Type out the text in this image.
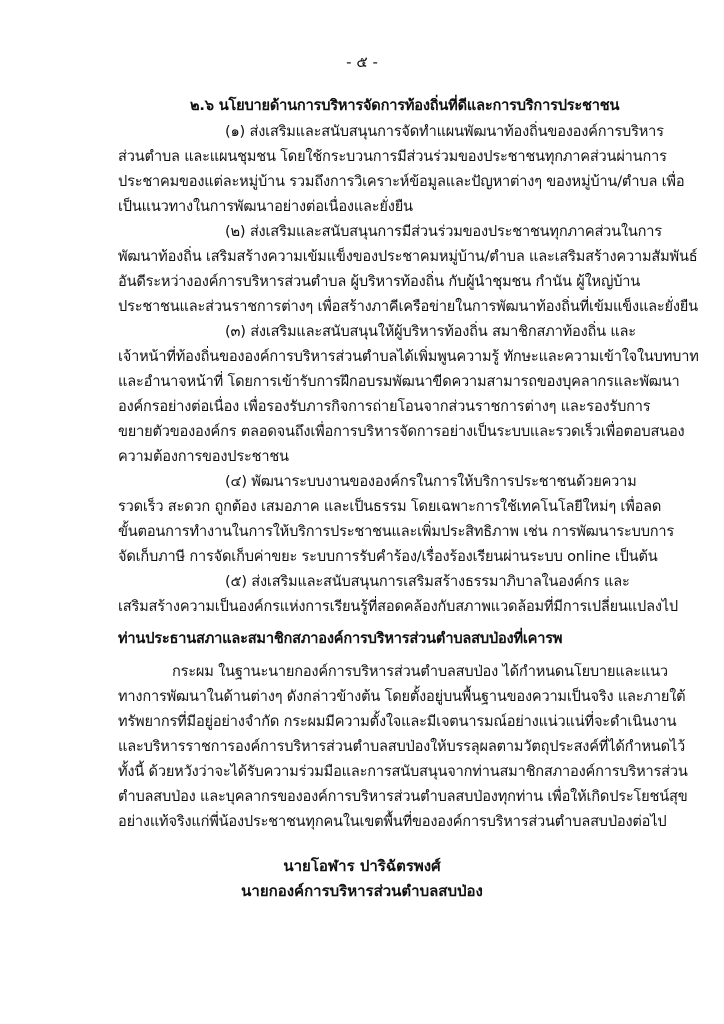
- ๕ -
๒.๖ นโยบายด้านการบริหารจัดการท้องถิ่นที่ดีและการบริการประชาชน
(๑) ส่งเสริมและสนับสนุนการจัดทำแผนพัฒนาท้องถิ่นขององค์การบริหาร
ส่วนตำบล และแผนชุมชน โดยใช้กระบวนการมีส่วนร่วมของประชาชนทุกภาคส่วนผ่านการ
ประชาคมของแต่ละหมู่บ้าน รวมถึงการวิเคราะห์ข้อมูลและปัญหาต่างๆ ของหมู่บ้าน/ตำบล เพื่อ
เป็นแนวทางในการพัฒนาอย่างต่อเนื่องและยั่งยืน
(๒) ส่งเสริมและสนับสนุนการมีส่วนร่วมของประชาชนทุกภาคส่วนในการ
พัฒนาท้องถิ่น เสริมสร้างความเข้มแข็งของประชาคมหมู่บ้าน/ตำบล และเสริมสร้างความสัมพันธ์
อันดีระหว่างองค์การบริหารส่วนตำบล ผู้บริหารท้องถิ่น กับผู้นำชุมชน กำนัน ผู้ใหญ่บ้าน
ประชาชนและส่วนราชการต่างๆ เพื่อสร้างภาคีเครือข่ายในการพัฒนาท้องถิ่นที่เข้มแข็งและยั่งยืน
(๓) ส่งเสริมและสนับสนุนให้ผู้บริหารท้องถิ่น สมาชิกสภาท้องถิ่น และ
เจ้าหน้าที่ท้องถิ่นขององค์การบริหารส่วนตำบลได้เพิ่มพูนความรู้ ทักษะและความเข้าใจในบทบาท
และอำนาจหน้าที่ โดยการเข้ารับการฝึกอบรมพัฒนาขีดความสามารถของบุคลากรและพัฒนา
องค์กรอย่างต่อเนื่อง เพื่อรองรับภารกิจการถ่ายโอนจากส่วนราชการต่างๆ และรองรับการ
ขยายตัวขององค์กร ตลอดจนถึงเพื่อการบริหารจัดการอย่างเป็นระบบและรวดเร็วเพื่อตอบสนอง
ความต้องการของประชาชน
(๔) พัฒนาระบบงานขององค์กรในการให้บริการประชาชนด้วยความ
รวดเร็ว สะดวก ถูกต้อง เสมอภาค และเป็นธรรม โดยเฉพาะการใช้เทคโนโลยีใหม่ๆ เพื่อลด
ขั้นตอนการทำงานในการให้บริการประชาชนและเพิ่มประสิทธิภาพ เช่น การพัฒนาระบบการ
จัดเก็บภาษี การจัดเก็บค่าขยะ ระบบการรับคำร้อง/เรื่องร้องเรียนผ่านระบบ online เป็นต้น
(๕) ส่งเสริมและสนับสนุนการเสริมสร้างธรรมาภิบาลในองค์กร และ
เสริมสร้างความเป็นองค์กรแห่งการเรียนรู้ที่สอดคล้องกับสภาพแวดล้อมที่มีการเปลี่ยนแปลงไป
ท่านประธานสภาและสมาชิกสภาองค์การบริหารส่วนตำบลสบป่องที่เคารพ
กระผม ในฐานะนายกองค์การบริหารส่วนตำบลสบป่อง ได้กำหนดนโยบายและแนว
ทางการพัฒนาในด้านต่างๆ ดังกล่าวข้างต้น โดยตั้งอยู่บนพื้นฐานของความเป็นจริง และภายใต้
ทรัพยากรที่มีอยู่อย่างจำกัด กระผมมีความตั้งใจและมีเจตนารมณ์อย่างแน่วแน่ที่จะดำเนินงาน
และบริหารราชการองค์การบริหารส่วนตำบลสบป่องให้บรรลุผลตามวัตถุประสงค์ที่ได้กำหนดไว้
ทั้งนี้ ด้วยหวังว่าจะได้รับความร่วมมือและการสนับสนุนจากท่านสมาชิกสภาองค์การบริหารส่วน
ตำบลสบป่อง และบุคลากรขององค์การบริหารส่วนตำบลสบป่องทุกท่าน เพื่อให้เกิดประโยชน์สุข
อย่างแท้จริงแก่พี่น้องประชาชนทุกคนในเขตพื้นที่ขององค์การบริหารส่วนตำบลสบป่องต่อไป
นายโอฬาร ปาริฉัตรพงศ์
นายกองค์การบริหารส่วนตำบลสบป่อง
